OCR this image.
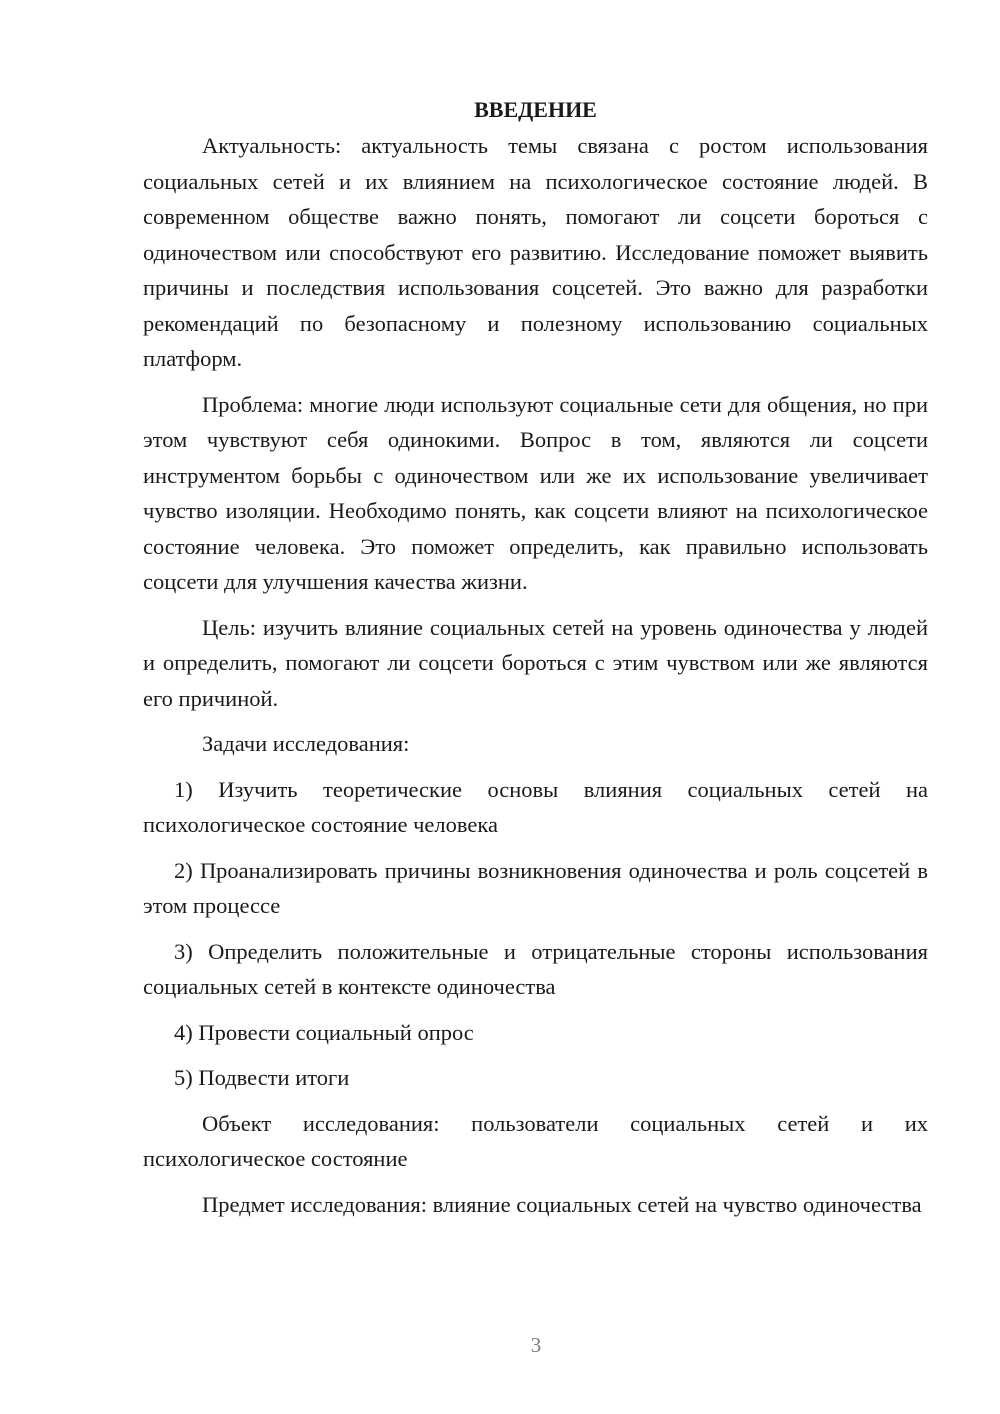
ВВЕДЕНИЕ

Актуальность: актуальность темы связана с ростом использования социальных сетей и их влиянием на психологическое состояние людей. В современном обществе важно понять, помогают ли соцсети бороться с одиночеством или способствуют его развитию. Исследование поможет выявить причины и последствия использования соцсетей. Это важно для разработки рекомендаций по безопасному и полезному использованию социальных платформ.

Проблема: многие люди используют социальные сети для общения, но при этом чувствуют себя одинокими. Вопрос в том, являются ли соцсети инструментом борьбы с одиночеством или же их использование увеличивает чувство изоляции. Необходимо понять, как соцсети влияют на психологическое состояние человека. Это поможет определить, как правильно использовать соцсети для улучшения качества жизни.

Цель: изучить влияние социальных сетей на уровень одиночества у людей и определить, помогают ли соцсети бороться с этим чувством или же являются его причиной.

Задачи исследования:

1) Изучить теоретические основы влияния социальных сетей на психологическое состояние человека

2) Проанализировать причины возникновения одиночества и роль соцсетей в этом процессе

3) Определить положительные и отрицательные стороны использования социальных сетей в контексте одиночества

4) Провести социальный опрос

5) Подвести итоги

Объект исследования: пользователи социальных сетей и их психологическое состояние

Предмет исследования: влияние социальных сетей на чувство одиночества

3
